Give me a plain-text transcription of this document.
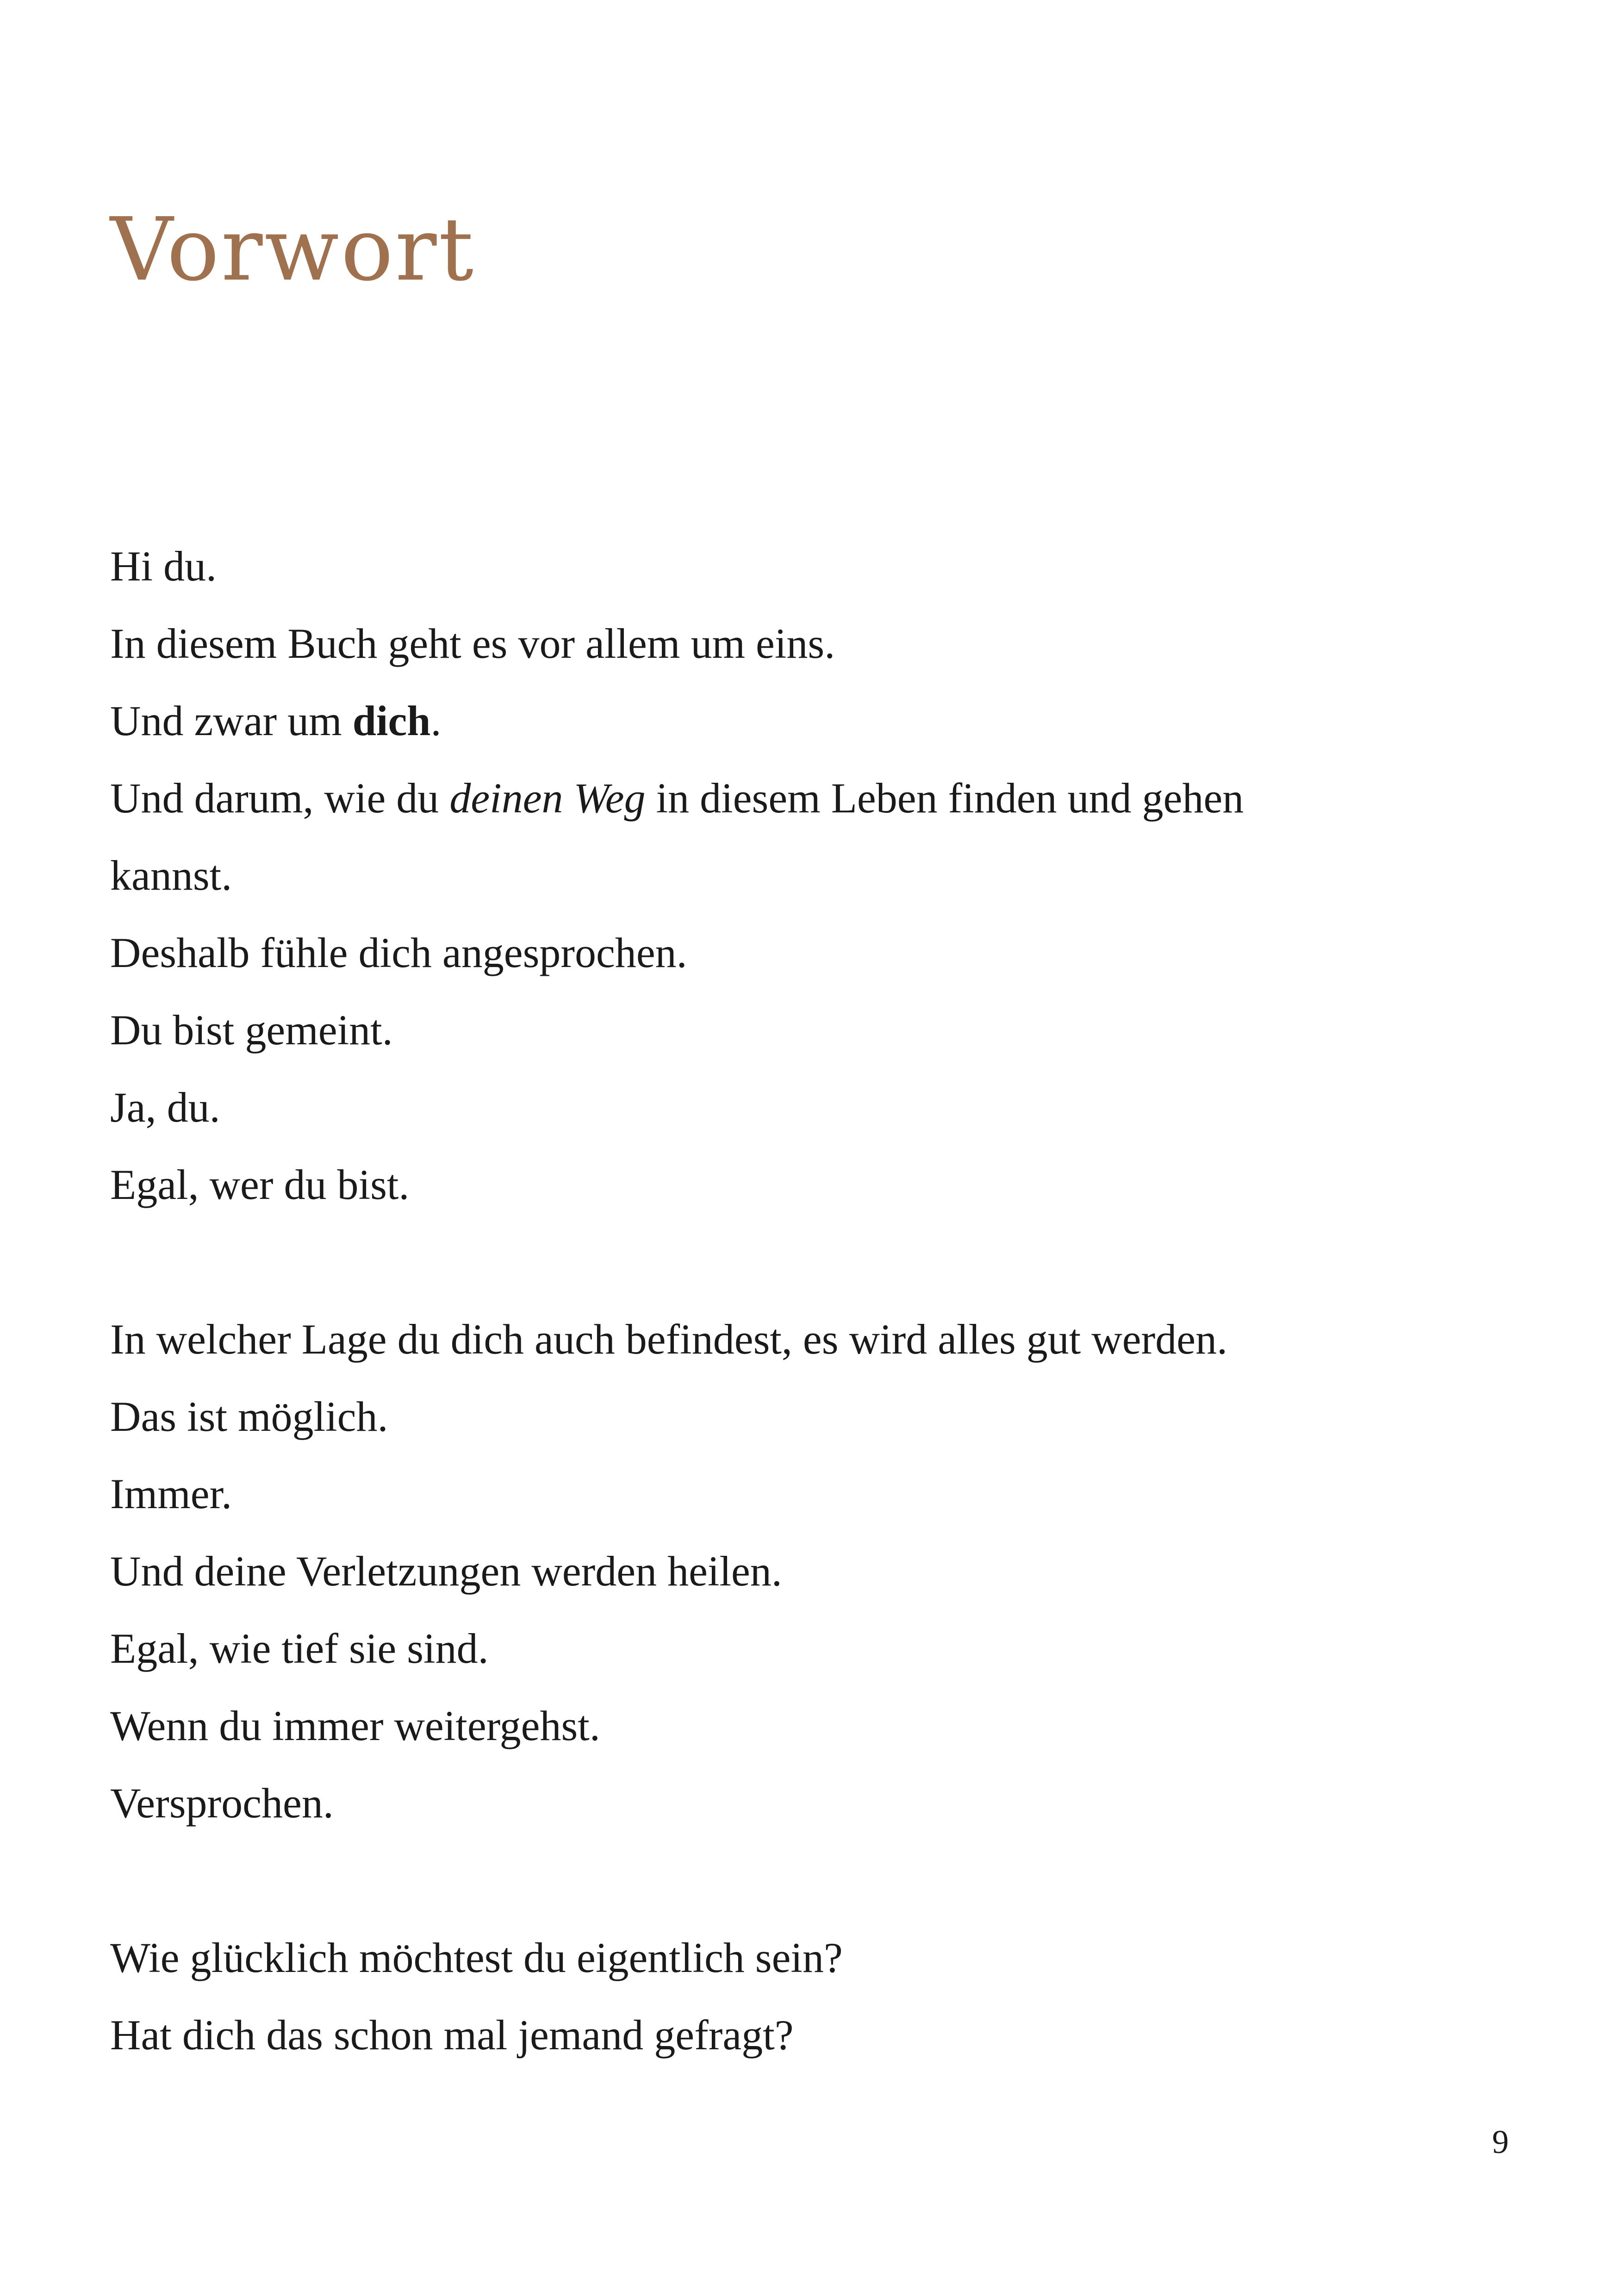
Vorwort
Hi du.
In diesem Buch geht es vor allem um eins.
Und zwar um dich.
Und darum, wie du deinen Weg in diesem Leben finden und gehen
kannst.
Deshalb fühle dich angesprochen.
Du bist gemeint.
Ja, du.
Egal, wer du bist.
In welcher Lage du dich auch befindest, es wird alles gut werden.
Das ist möglich.
Immer.
Und deine Verletzungen werden heilen.
Egal, wie tief sie sind.
Wenn du immer weitergehst.
Versprochen.
Wie glücklich möchtest du eigentlich sein?
Hat dich das schon mal jemand gefragt?
9
